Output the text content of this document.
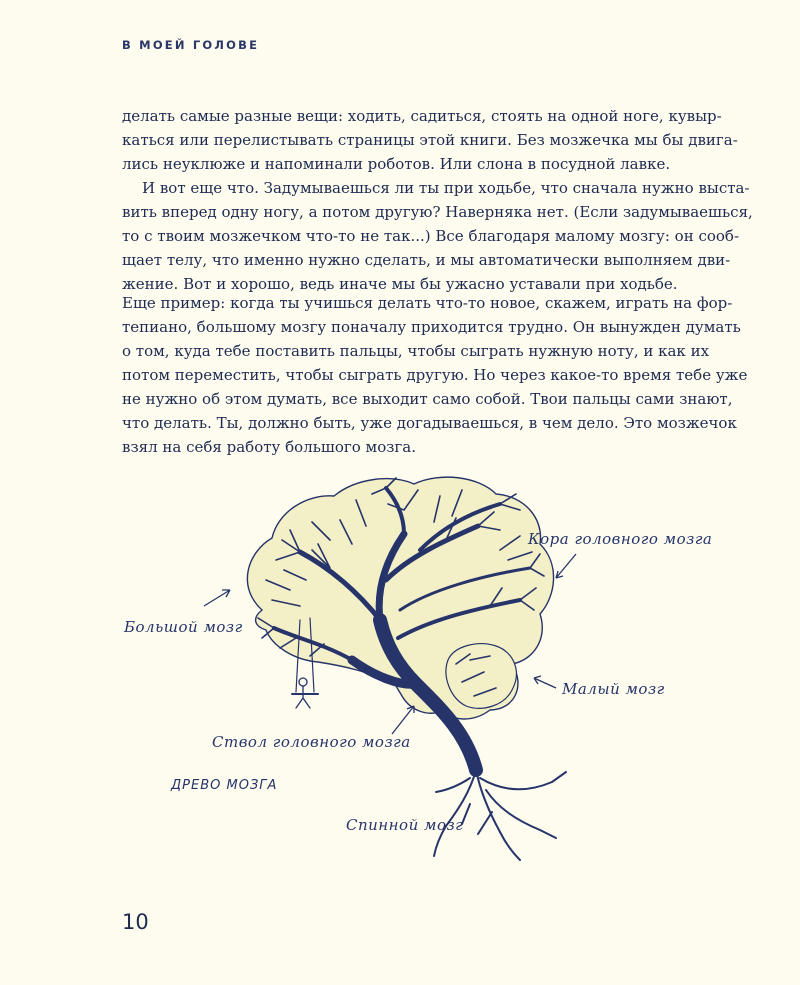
В МОЕЙ ГОЛОВЕ
делать самые разные вещи: ходить, садиться, стоять на одной ноге, кувыр-
каться или перелистывать страницы этой книги. Без мозжечка мы бы двига-
лись неуклюже и напоминали роботов. Или слона в посудной лавке.
И вот еще что. Задумываешься ли ты при ходьбе, что сначала нужно выста-
вить вперед одну ногу, а потом другую? Наверняка нет. (Если задумываешься,
то с твоим мозжечком что-то не так...) Все благодаря малому мозгу: он сооб-
щает телу, что именно нужно сделать, и мы автоматически выполняем дви-
жение. Вот и хорошо, ведь иначе мы бы ужасно уставали при ходьбе.
Еще пример: когда ты учишься делать что-то новое, скажем, играть на фор-
тепиано, большому мозгу поначалу приходится трудно. Он вынужден думать
о том, куда тебе поставить пальцы, чтобы сыграть нужную ноту, и как их
потом переместить, чтобы сыграть другую. Но через какое-то время тебе уже
не нужно об этом думать, все выходит само собой. Твои пальцы сами знают,
что делать. Ты, должно быть, уже догадываешься, в чем дело. Это мозжечок
взял на себя работу большого мозга.
Кора головного мозга
Большой мозг
Малый мозг
Ствол головного мозга
Спинной мозг
ДРЕВО МОЗГА
10
